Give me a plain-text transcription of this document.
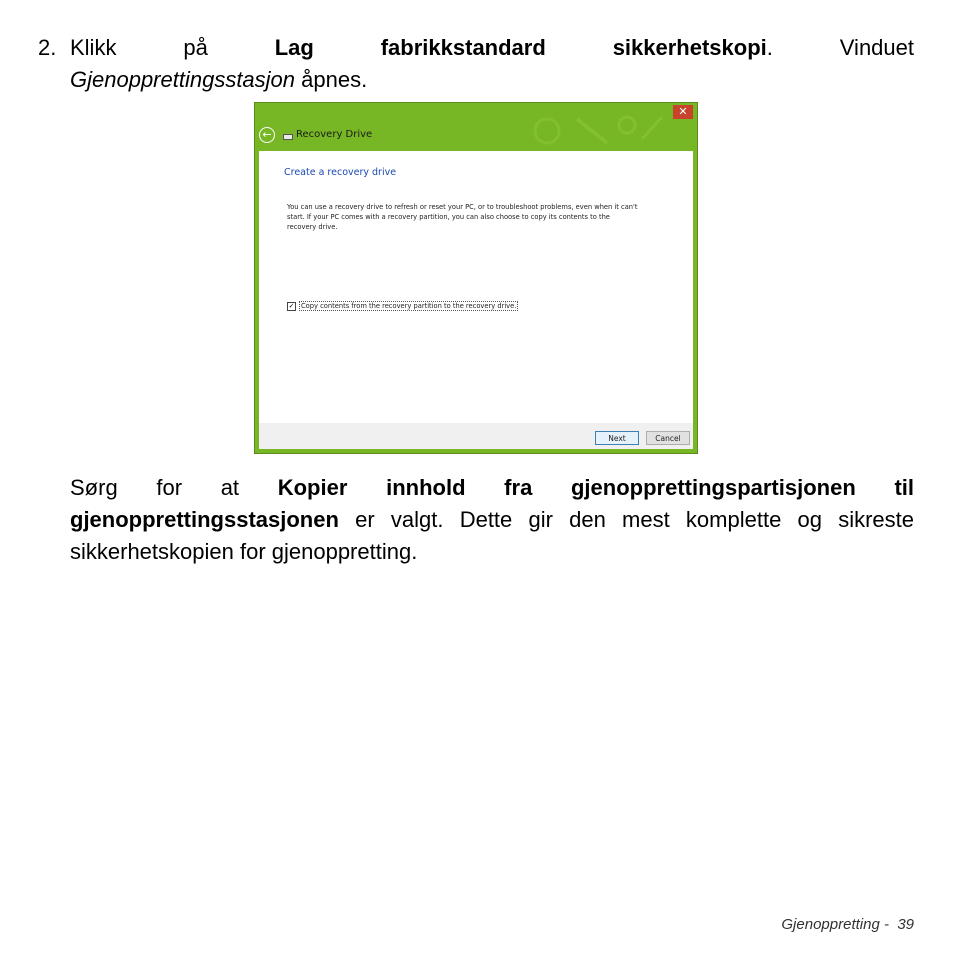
2. Klikk	på	Lag	fabrikkstandard	sikkerhetskopi.	Vinduet
Gjenopprettingsstasjon åpnes.
✕
←	Recovery Drive
Create a recovery drive
You can use a recovery drive to refresh or reset your PC, or to troubleshoot problems, even when it can't start. If your PC comes with a recovery partition, you can also choose to copy its contents to the recovery drive.
✓ Copy contents from the recovery partition to the recovery drive.
Next	Cancel
Sørg for at Kopier innhold fra gjenopprettingspartisjonen til gjenopprettingsstasjonen er valgt. Dette gir den mest komplette og sikreste sikkerhetskopien for gjenoppretting.
Gjenoppretting - 39
